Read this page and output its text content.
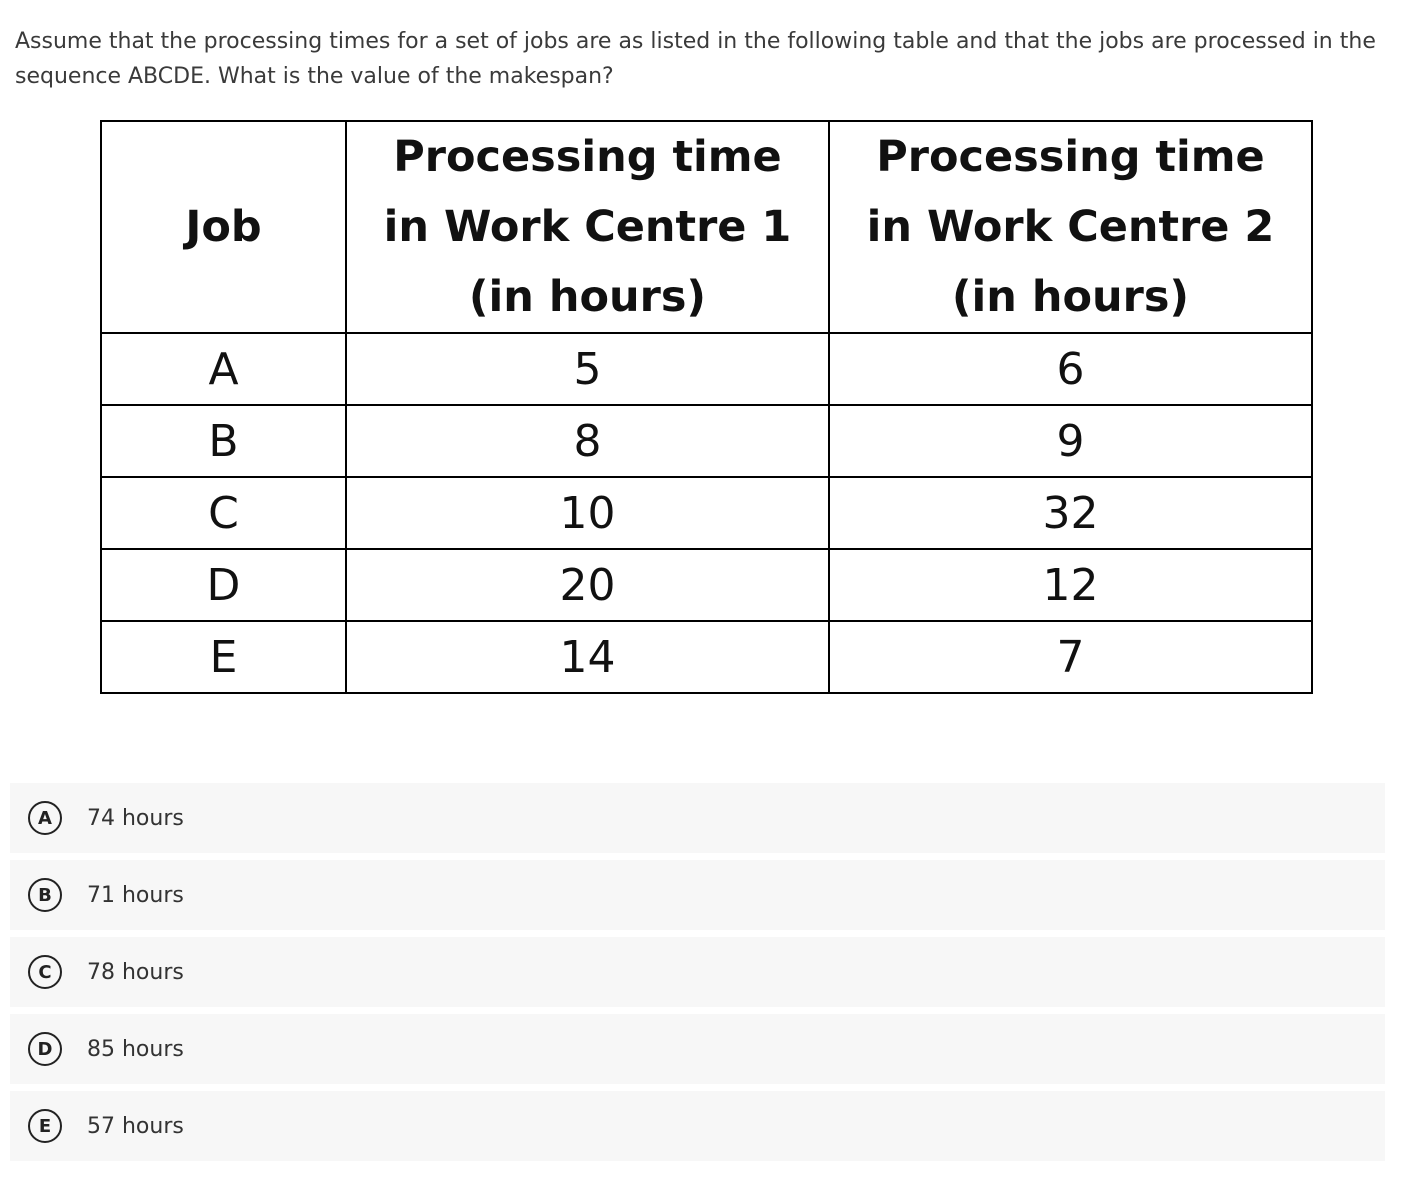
Assume that the processing times for a set of jobs are as listed in the following table and that the jobs are processed in the sequence ABCDE. What is the value of the makespan?

Job	Processing time
in Work Centre 1
(in hours)	Processing time
in Work Centre 2
(in hours)

A	5	6
B	8	9
C	10	32
D	20	12
E	14	7
A	74 hours
B	71 hours
C	78 hours
D	85 hours
E	57 hours
